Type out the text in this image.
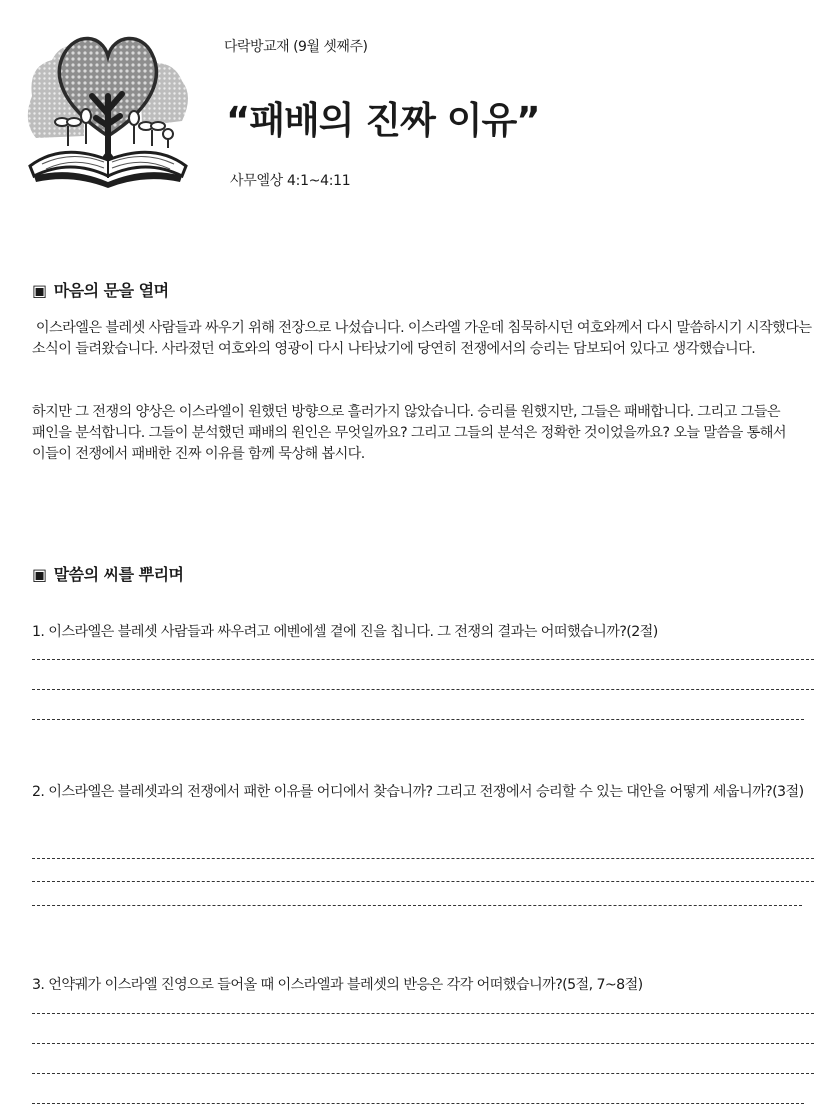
다락방교재 (9월 셋째주)
“패배의 진짜 이유”
사무엘상 4:1~4:11
▣ 마음의 문을 열며
이스라엘은 블레셋 사람들과 싸우기 위해 전장으로 나섰습니다. 이스라엘 가운데 침묵하시던 여호와께서 다시 말씀하시기 시작했다는 소식이 들려왔습니다. 사라졌던 여호와의 영광이 다시 나타났기에 당연히 전쟁에서의 승리는 담보되어 있다고 생각했습니다.
하지만 그 전쟁의 양상은 이스라엘이 원했던 방향으로 흘러가지 않았습니다. 승리를 원했지만, 그들은 패배합니다. 그리고 그들은 패인을 분석합니다. 그들이 분석했던 패배의 원인은 무엇일까요? 그리고 그들의 분석은 정확한 것이었을까요? 오늘 말씀을 통해서 이들이 전쟁에서 패배한 진짜 이유를 함께 묵상해 봅시다.
▣ 말씀의 씨를 뿌리며
1. 이스라엘은 블레셋 사람들과 싸우려고 에벤에셀 곁에 진을 칩니다. 그 전쟁의 결과는 어떠했습니까?(2절)
2. 이스라엘은 블레셋과의 전쟁에서 패한 이유를 어디에서 찾습니까? 그리고 전쟁에서 승리할 수 있는 대안을 어떻게 세웁니까?(3절)
3. 언약궤가 이스라엘 진영으로 들어올 때 이스라엘과 블레셋의 반응은 각각 어떠했습니까?(5절, 7~8절)
